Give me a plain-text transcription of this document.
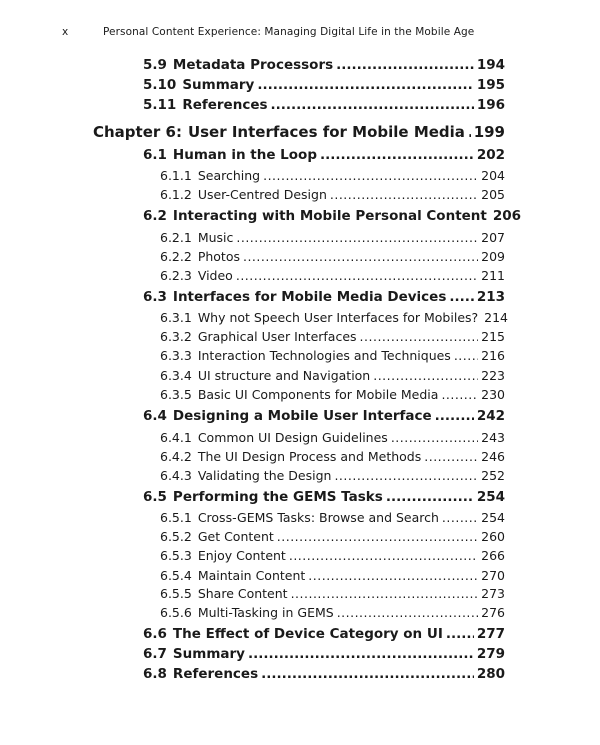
x	Personal Content Experience: Managing Digital Life in the Mobile Age
5.9 Metadata Processors .....	194
5.10 Summary .....	195
5.11 References .....	196
Chapter 6: User Interfaces for Mobile Media ..... 199
6.1 Human in the Loop .....	202
6.1.1 Searching .....	204
6.1.2 User-Centred Design .....	205
6.2 Interacting with Mobile Personal Content 206
6.2.1 Music .....	207
6.2.2 Photos .....	209
6.2.3 Video .....	211
6.3 Interfaces for Mobile Media Devices ..... 213
6.3.1 Why not Speech User Interfaces for Mobiles? 214
6.3.2 Graphical User Interfaces .....	215
6.3.3 Interaction Technologies and Techniques ..... 216
6.3.4 UI structure and Navigation .....	223
6.3.5 Basic UI Components for Mobile Media .....	230
6.4 Designing a Mobile User Interface .....	242
6.4.1 Common UI Design Guidelines .....	243
6.4.2 The UI Design Process and Methods .....	246
6.4.3 Validating the Design .....	252
6.5 Performing the GEMS Tasks .....	254
6.5.1 Cross-GEMS Tasks: Browse and Search .....	254
6.5.2 Get Content .....	260
6.5.3 Enjoy Content .....	266
6.5.4 Maintain Content .....	270
6.5.5 Share Content .....	273
6.5.6 Multi-Tasking in GEMS .....	276
6.6 The Effect of Device Category on UI .....	277
6.7 Summary .....	279
6.8 References .....	280
